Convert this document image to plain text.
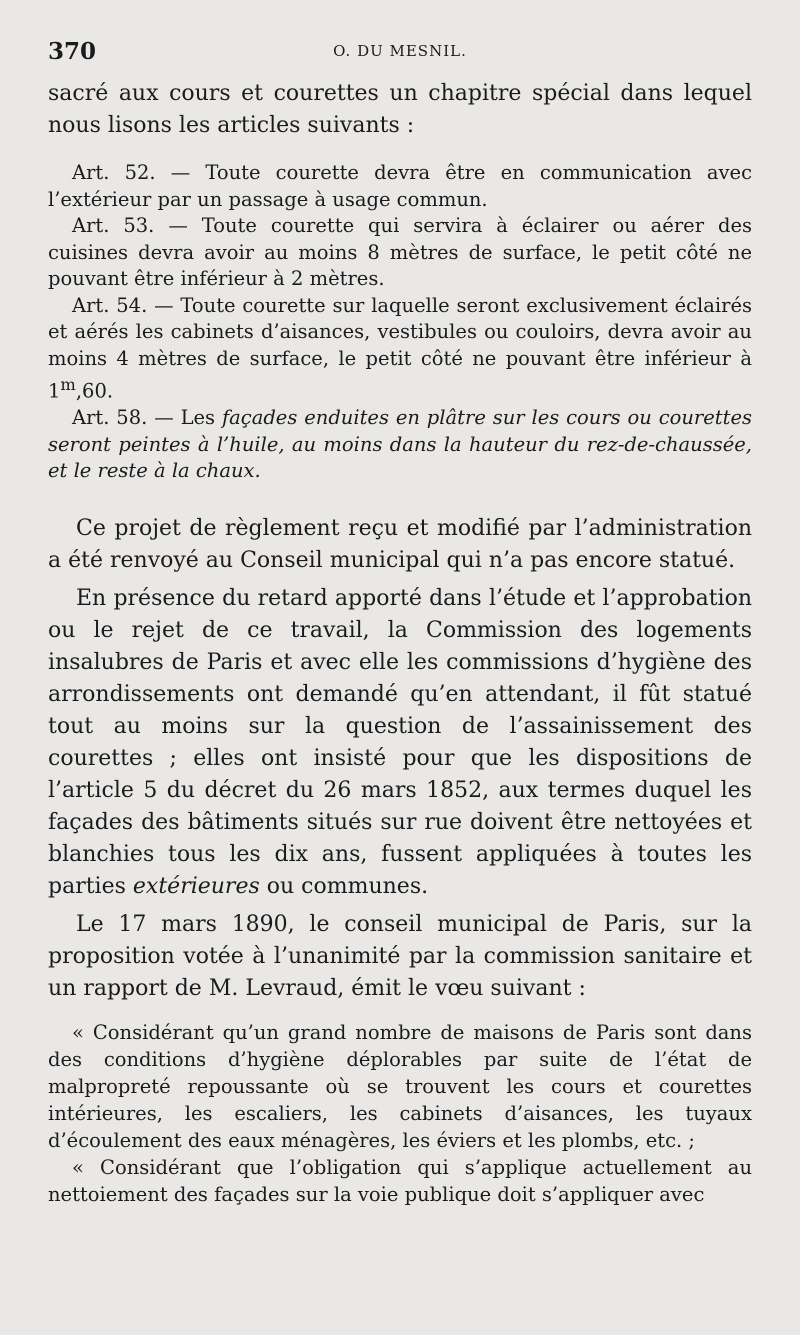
370	O. DU MESNIL.

sacré aux cours et courettes un chapitre spécial dans lequel nous lisons les articles suivants :

Art. 52. — Toute courette devra être en communication avec l’extérieur par un passage à usage commun.

Art. 53. — Toute courette qui servira à éclairer ou aérer des cuisines devra avoir au moins 8 mètres de surface, le petit côté ne pouvant être inférieur à 2 mètres.

Art. 54. — Toute courette sur laquelle seront exclusivement éclairés et aérés les cabinets d’aisances, vestibules ou couloirs, devra avoir au moins 4 mètres de surface, le petit côté ne pouvant être inférieur à 1$^m$,60.

Art. 58. — Les façades enduites en plâtre sur les cours ou courettes seront peintes à l’huile, au moins dans la hauteur du rez-de-chaussée, et le reste à la chaux.

Ce projet de règlement reçu et modifié par l’administration a été renvoyé au Conseil municipal qui n’a pas encore statué.

En présence du retard apporté dans l’étude et l’approbation ou le rejet de ce travail, la Commission des logements insalubres de Paris et avec elle les commissions d’hygiène des arrondissements ont demandé qu’en attendant, il fût statué tout au moins sur la question de l’assainissement des courettes ; elles ont insisté pour que les dispositions de l’article 5 du décret du 26 mars 1852, aux termes duquel les façades des bâtiments situés sur rue doivent être nettoyées et blanchies tous les dix ans, fussent appliquées à toutes les parties extérieures ou communes.

Le 17 mars 1890, le conseil municipal de Paris, sur la proposition votée à l’unanimité par la commission sanitaire et un rapport de M. Levraud, émit le vœu suivant :

« Considérant qu’un grand nombre de maisons de Paris sont dans des conditions d’hygiène déplorables par suite de l’état de malpropreté repoussante où se trouvent les cours et courettes intérieures, les escaliers, les cabinets d’aisances, les tuyaux d’écoulement des eaux ménagères, les éviers et les plombs, etc. ;

« Considérant que l’obligation qui s’applique actuellement au nettoiement des façades sur la voie publique doit s’appliquer avec
